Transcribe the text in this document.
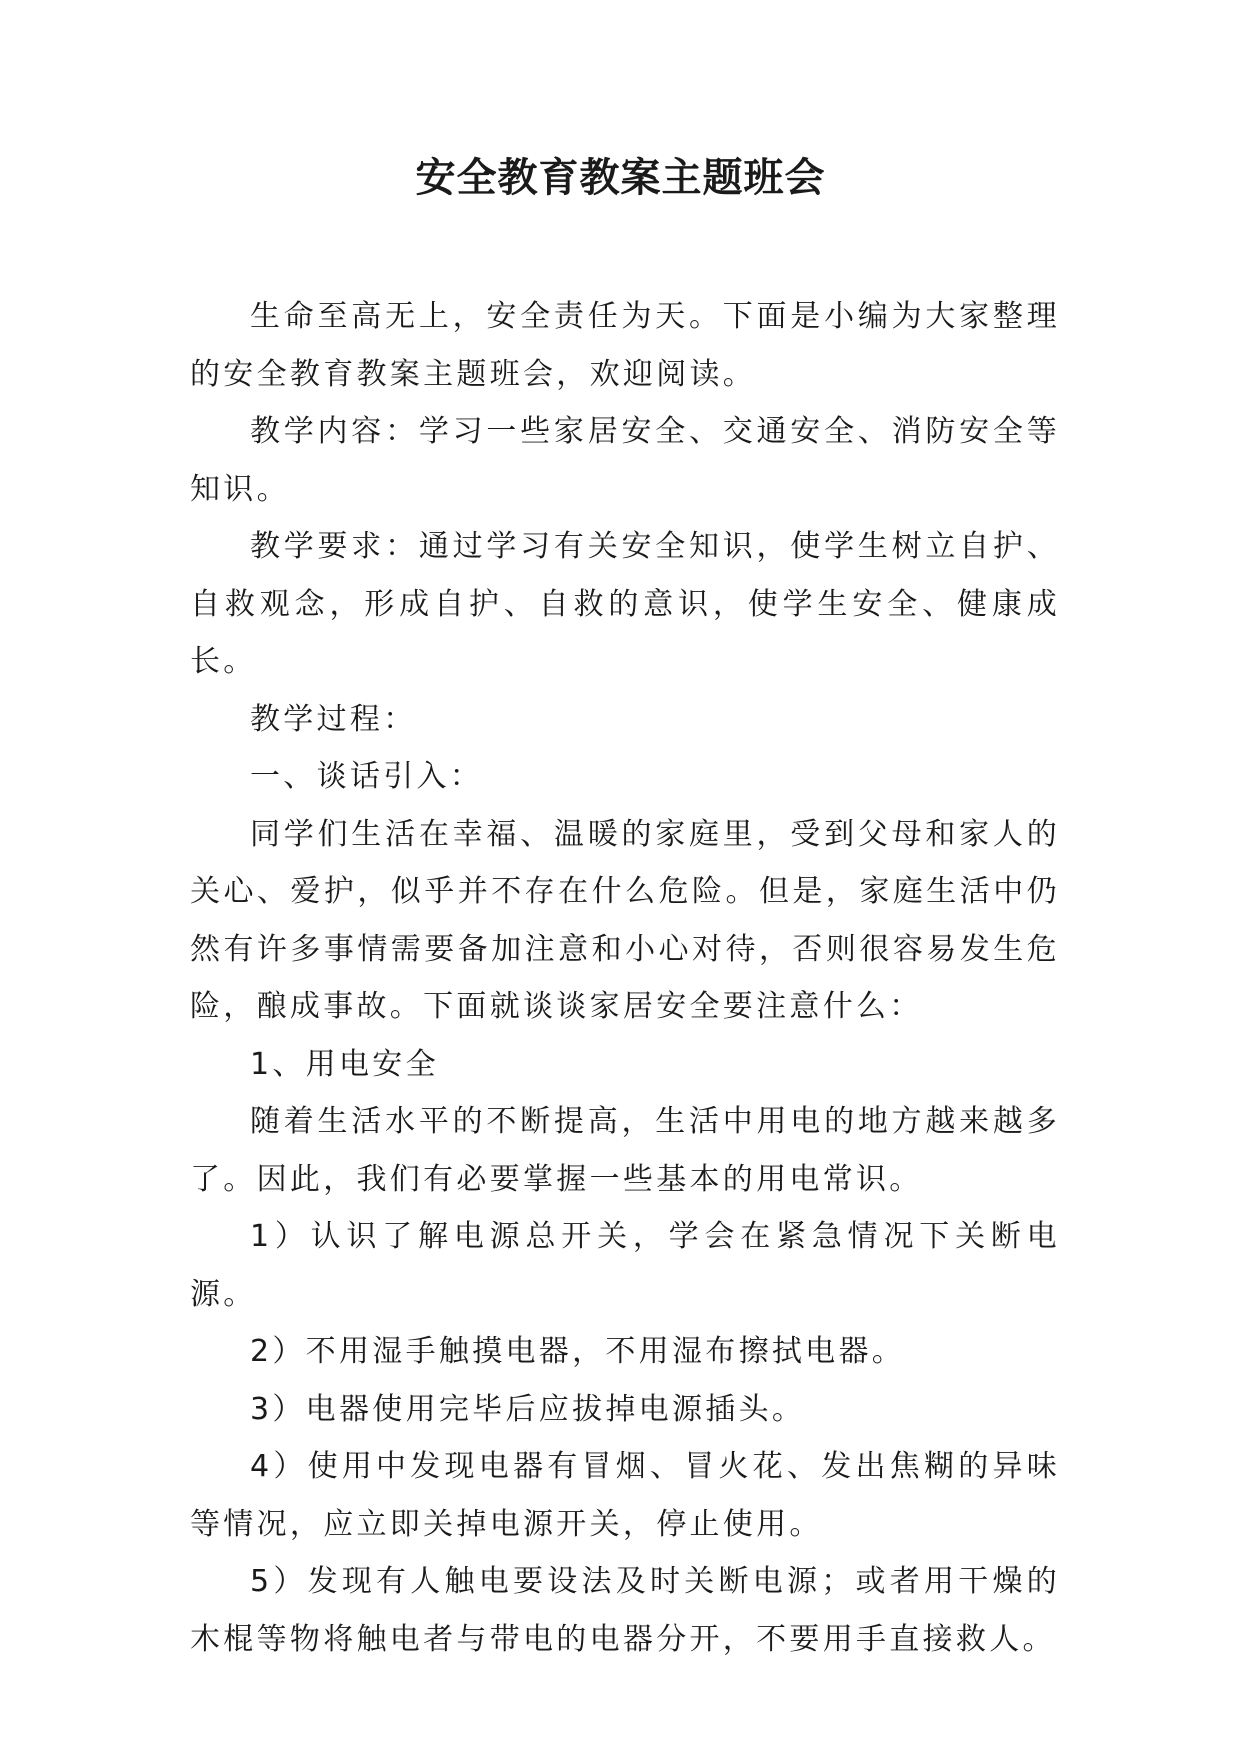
安全教育教案主题班会

生命至高无上，安全责任为天。下面是小编为大家整理的安全教育教案主题班会，欢迎阅读。

教学内容：学习一些家居安全、交通安全、消防安全等知识。

教学要求：通过学习有关安全知识，使学生树立自护、自救观念，形成自护、自救的意识，使学生安全、健康成长。

教学过程：

一、谈话引入：

同学们生活在幸福、温暖的家庭里，受到父母和家人的关心、爱护，似乎并不存在什么危险。但是，家庭生活中仍然有许多事情需要备加注意和小心对待，否则很容易发生危险，酿成事故。下面就谈谈家居安全要注意什么：

1、用电安全

随着生活水平的不断提高，生活中用电的地方越来越多了。因此，我们有必要掌握一些基本的用电常识。

1）认识了解电源总开关，学会在紧急情况下关断电源。

2）不用湿手触摸电器，不用湿布擦拭电器。

3）电器使用完毕后应拔掉电源插头。

4）使用中发现电器有冒烟、冒火花、发出焦糊的异味等情况，应立即关掉电源开关，停止使用。

5）发现有人触电要设法及时关断电源；或者用干燥的木棍等物将触电者与带电的电器分开，不要用手直接救人。
